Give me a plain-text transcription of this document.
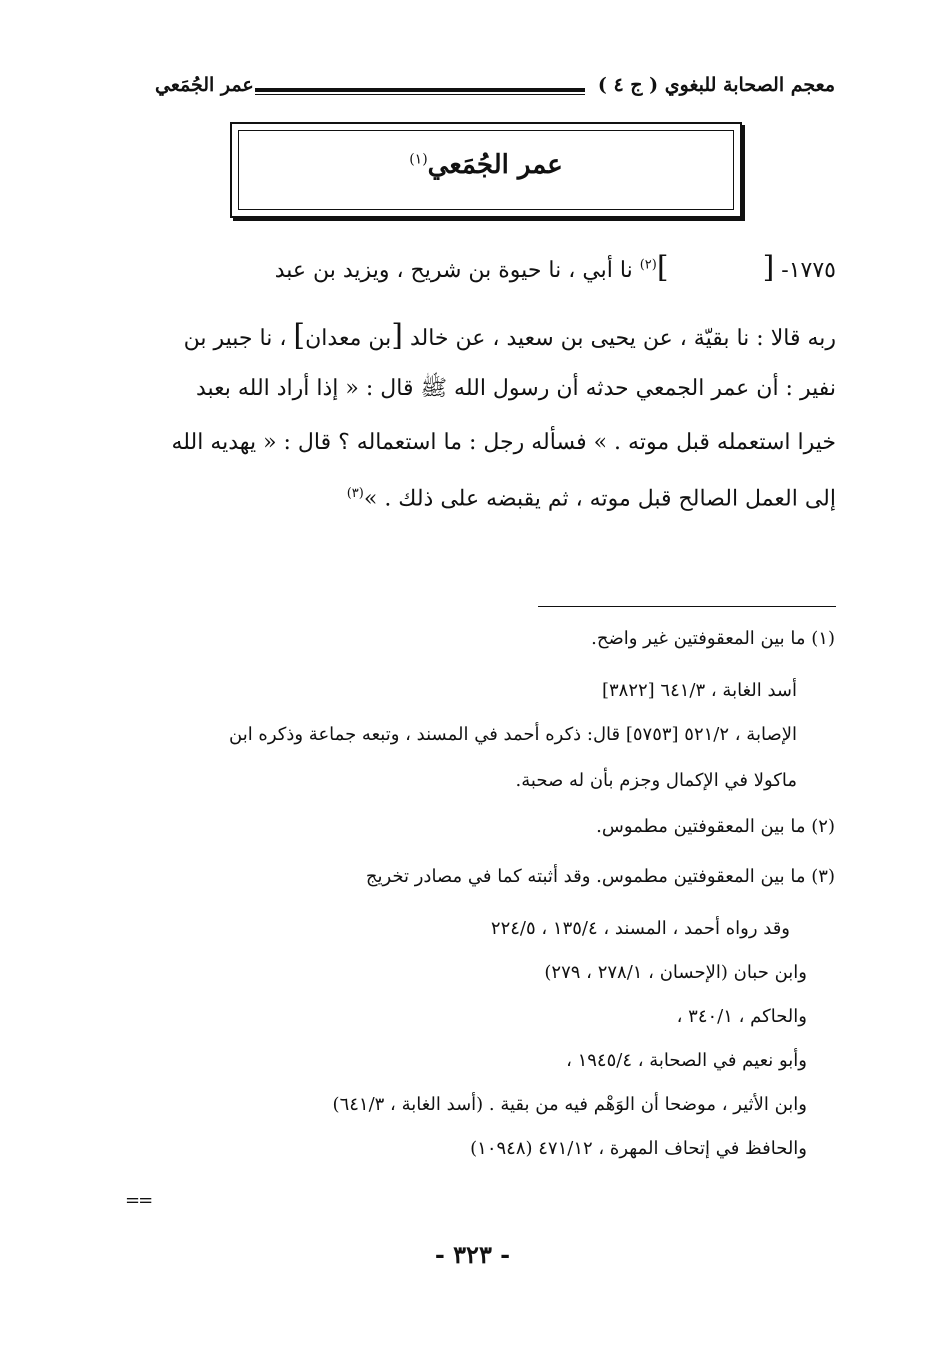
معجم الصحابة للبغوي ( ج ٤ )
عمر الجُمَعي
عمر الجُمَعي$^{(١)}$
١٧٧٥- [  ]$^{(٢)}$ نا أبي ، نا حيوة بن شريح ، ويزيد بن عبد
ربه قالا : نا بقيّة ، عن يحيى بن سعيد ، عن خالد [بن معدان] ، نا جبير بن
نفير : أن عمر الجمعي حدثه أن رسول الله ﷺ قال : « إذا أراد الله بعبد
خيرا استعمله قبل موته . » فسأله رجل : ما استعماله ؟ قال : « يهديه الله
إلى العمل الصالح قبل موته ، ثم يقبضه على ذلك . »$^{(٣)}$
(١) ما بين المعقوفتين غير واضح.
أسد الغابة ، ٦٤١/٣ [٣٨٢٢]
الإصابة ، ٥٢١/٢ [٥٧٥٣] قال: ذكره أحمد في المسند ، وتبعه جماعة وذكره ابن
ماكولا في الإكمال وجزم بأن له صحبة.
(٢) ما بين المعقوفتين مطموس.
(٣) ما بين المعقوفتين مطموس. وقد أثبته كما في مصادر تخريج
وقد رواه أحمد ، المسند ، ١٣٥/٤ ، ٢٢٤/٥
وابن حبان (الإحسان ، ٢٧٨/١ ، ٢٧٩)
والحاكم ، ٣٤٠/١ ،
وأبو نعيم في الصحابة ، ١٩٤٥/٤ ،
وابن الأثير ، موضحا أن الوَهْم فيه من بقية . (أسد الغابة ، ٦٤١/٣)
والحافظ في إتحاف المهرة ، ٤٧١/١٢ (١٠٩٤٨)
==
- ٣٢٣ -
